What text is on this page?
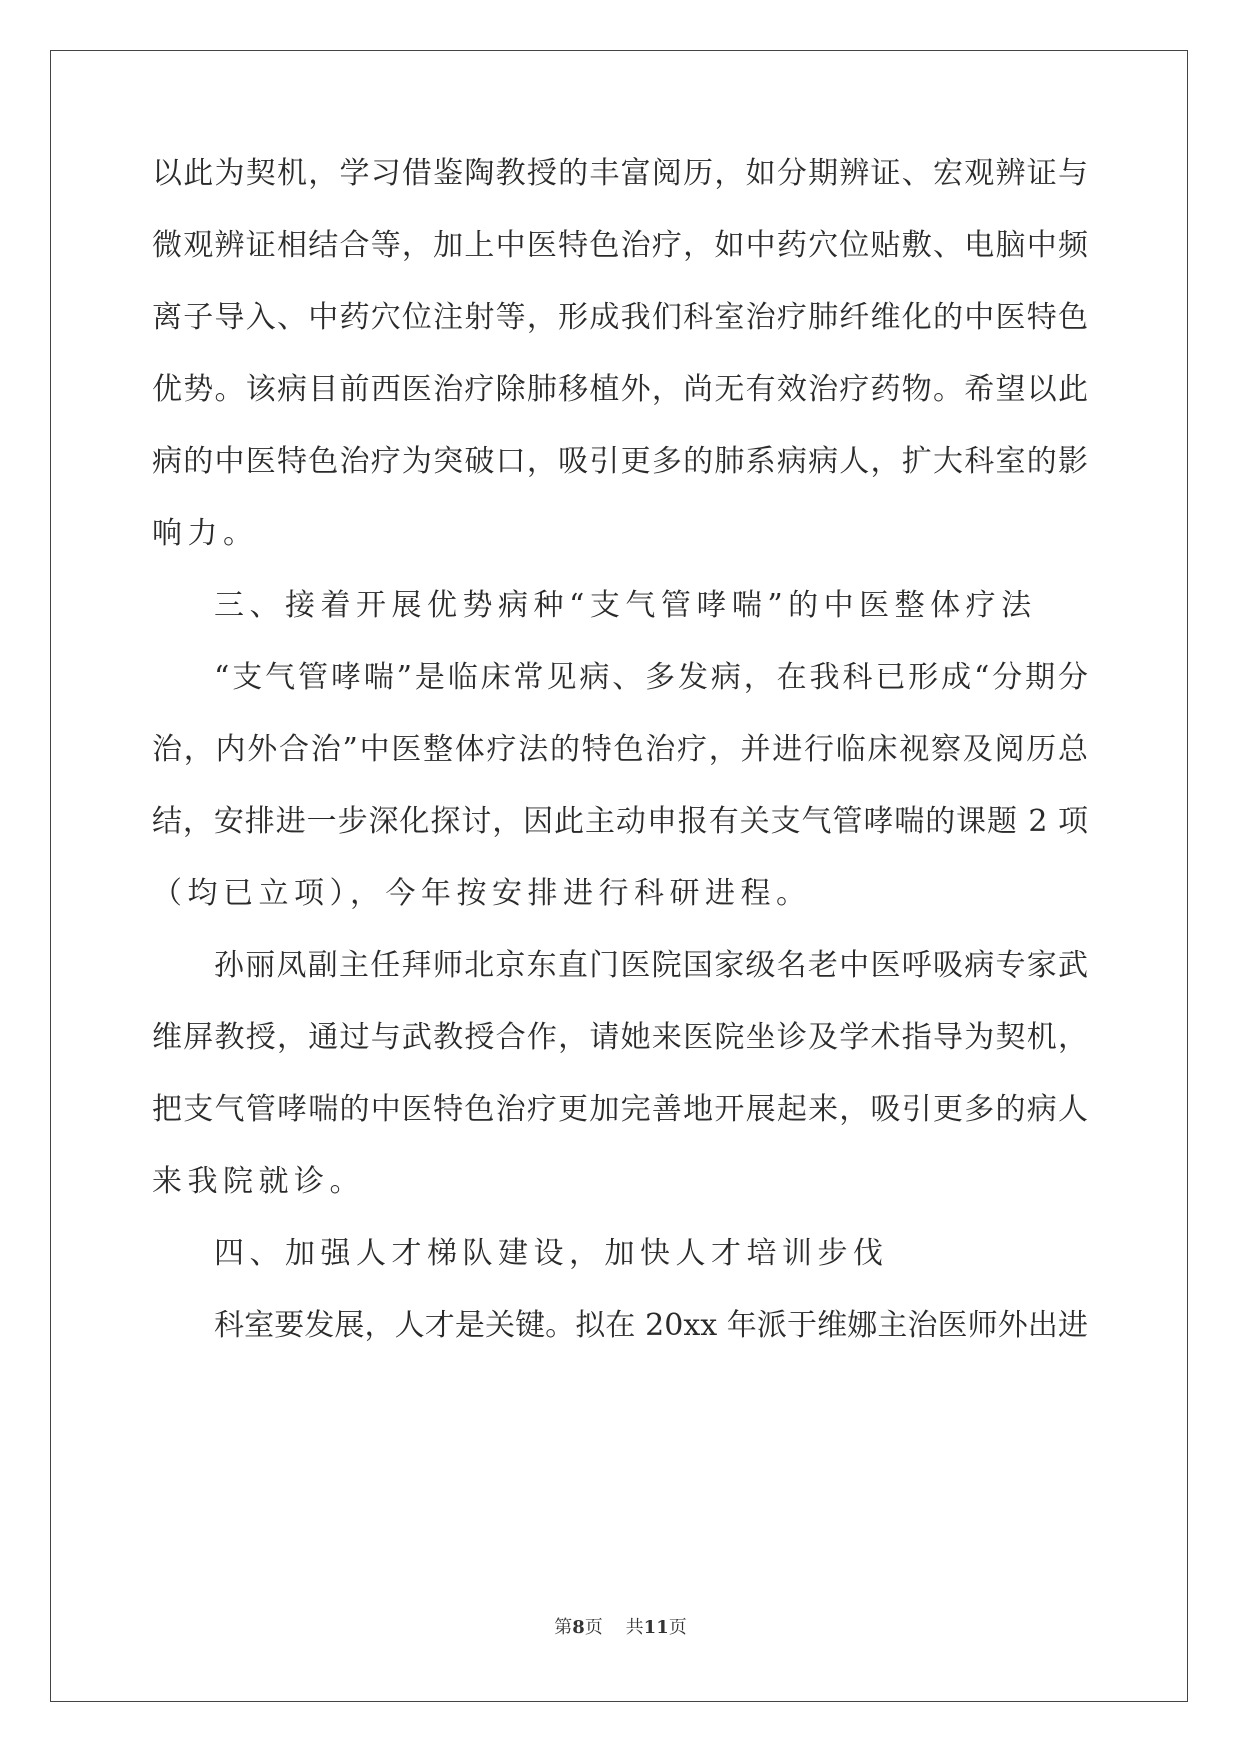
以此为契机，学习借鉴陶教授的丰富阅历，如分期辨证、宏观辨证与
微观辨证相结合等，加上中医特色治疗，如中药穴位贴敷、电脑中频
离子导入、中药穴位注射等，形成我们科室治疗肺纤维化的中医特色
优势。该病目前西医治疗除肺移植外，尚无有效治疗药物。希望以此
病的中医特色治疗为突破口，吸引更多的肺系病病人，扩大科室的影
响力。
三、接着开展优势病种“支气管哮喘”的中医整体疗法
“支气管哮喘”是临床常见病、多发病，在我科已形成“分期分
治，内外合治”中医整体疗法的特色治疗，并进行临床视察及阅历总
结，安排进一步深化探讨，因此主动申报有关支气管哮喘的课题 2 项
（均已立项），今年按安排进行科研进程。
孙丽凤副主任拜师北京东直门医院国家级名老中医呼吸病专家武
维屏教授，通过与武教授合作，请她来医院坐诊及学术指导为契机，
把支气管哮喘的中医特色治疗更加完善地开展起来，吸引更多的病人
来我院就诊。
四、加强人才梯队建设，加快人才培训步伐
科室要发展，人才是关键。拟在 20xx 年派于维娜主治医师外出进
第8页 共11页
